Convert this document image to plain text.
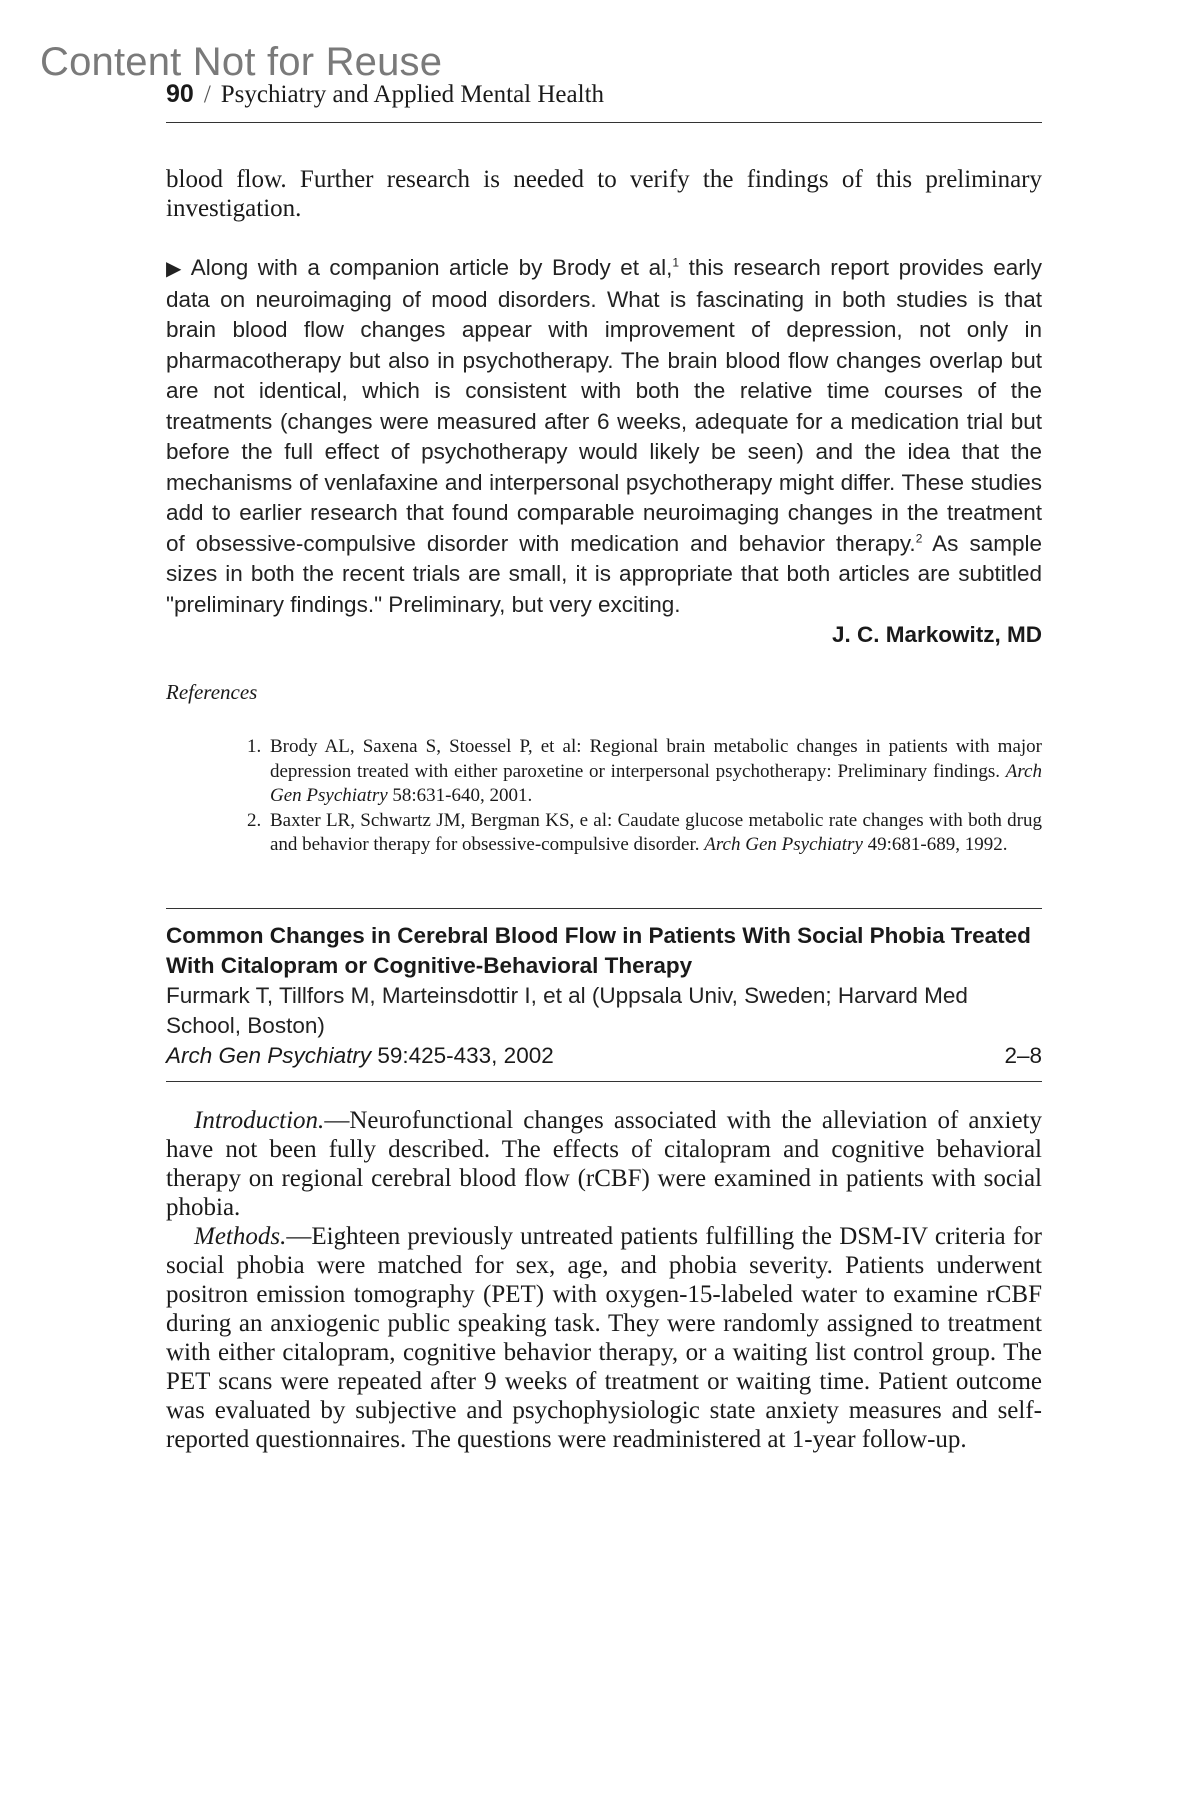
Content Not for Reuse
90 / Psychiatry and Applied Mental Health
blood flow. Further research is needed to verify the findings of this preliminary investigation.
▶ Along with a companion article by Brody et al,$^1$ this research report provides early data on neuroimaging of mood disorders. What is fascinating in both studies is that brain blood flow changes appear with improvement of depression, not only in pharmacotherapy but also in psychotherapy. The brain blood flow changes overlap but are not identical, which is consistent with both the relative time courses of the treatments (changes were measured after 6 weeks, adequate for a medication trial but before the full effect of psychotherapy would likely be seen) and the idea that the mechanisms of venlafaxine and interpersonal psychotherapy might differ. These studies add to earlier research that found comparable neuroimaging changes in the treatment of obsessive-compulsive disorder with medication and behavior therapy.$^2$ As sample sizes in both the recent trials are small, it is appropriate that both articles are subtitled "preliminary findings." Preliminary, but very exciting.
J. C. Markowitz, MD
References
1. Brody AL, Saxena S, Stoessel P, et al: Regional brain metabolic changes in patients with major depression treated with either paroxetine or interpersonal psychotherapy: Preliminary findings. Arch Gen Psychiatry 58:631-640, 2001.
2. Baxter LR, Schwartz JM, Bergman KS, e al: Caudate glucose metabolic rate changes with both drug and behavior therapy for obsessive-compulsive disorder. Arch Gen Psychiatry 49:681-689, 1992.
Common Changes in Cerebral Blood Flow in Patients With Social Phobia Treated With Citalopram or Cognitive-Behavioral Therapy
Furmark T, Tillfors M, Marteinsdottir I, et al (Uppsala Univ, Sweden; Harvard Med School, Boston)
Arch Gen Psychiatry 59:425-433, 2002	2–8

Introduction.—Neurofunctional changes associated with the alleviation of anxiety have not been fully described. The effects of citalopram and cognitive behavioral therapy on regional cerebral blood flow (rCBF) were examined in patients with social phobia.

Methods.—Eighteen previously untreated patients fulfilling the DSM-IV criteria for social phobia were matched for sex, age, and phobia severity. Patients underwent positron emission tomography (PET) with oxygen-15-labeled water to examine rCBF during an anxiogenic public speaking task. They were randomly assigned to treatment with either citalopram, cognitive behavior therapy, or a waiting list control group. The PET scans were repeated after 9 weeks of treatment or waiting time. Patient outcome was evaluated by subjective and psychophysiologic state anxiety measures and self-reported questionnaires. The questions were readministered at 1-year follow-up.
